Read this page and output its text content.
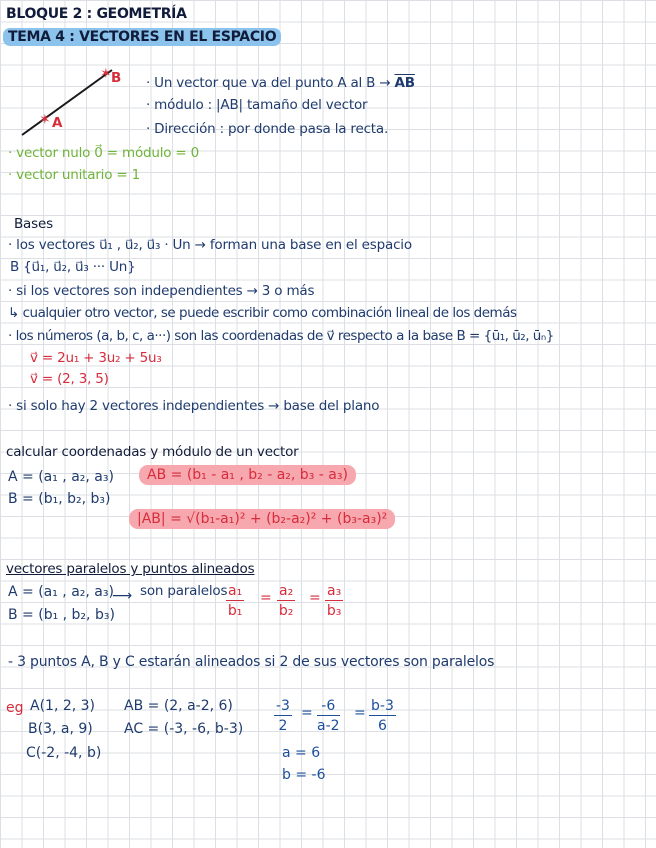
BLOQUE 2 : GEOMETRÍA
TEMA 4 : VECTORES EN EL ESPACIO
✶
✶
B
A
· Un vector que va del punto A al $B \to \overline{AB}$
· módulo : |AB| tamaño del vector
· Dirección : por donde pasa la recta.
· vector nulo 0⃗ = módulo = 0
· vector unitario = 1
Bases
· los vectores u⃗₁ , u⃗₂, u⃗₃ · Un → forman una base en el espacio
B {u⃗₁, u⃗₂, u⃗₃ ··· Un}
· si los vectores son independientes → 3 o más
↳ cualquier otro vector, se puede escribir como combinación lineal de los demás
· los números (a, b, c, a···) son las coordenadas de v⃗ respecto a la base B = {ū₁, ū₂, ūₙ}
v⃗ = 2u₁ + 3u₂ + 5u₃
v⃗ = (2, 3, 5)
· si solo hay 2 vectores independientes → base del plano
calcular coordenadas y módulo de un vector
A = (a₁ , a₂, a₃)
B = (b₁, b₂, b₃)
AB = (b₁ - a₁ , b₂ - a₂, b₃ - a₃)
|AB| = √(b₁-a₁)² + (b₂-a₂)² + (b₃-a₃)²
vectores paralelos y puntos alineados
A = (a₁ , a₂, a₃)
B = (b₁ , b₂, b₃)
⟶ son paralelos
$\frac{\text{a₁}}{\text{b₁}} = \frac{\text{a₂}}{\text{b₂}} = \frac{\text{a₃}}{\text{b₃}}$
- 3 puntos A, B y C estarán alineados si 2 de sus vectores son paralelos
eg A(1, 2, 3)
B(3, a, 9)
C(-2, -4, b)
AB = (2, a-2, 6)
AC = (-3, -6, $b-3) \frac{-3}{2} = \frac{-6}{a-2} = \frac{b-3}{6}$
a = 6
b = -6
